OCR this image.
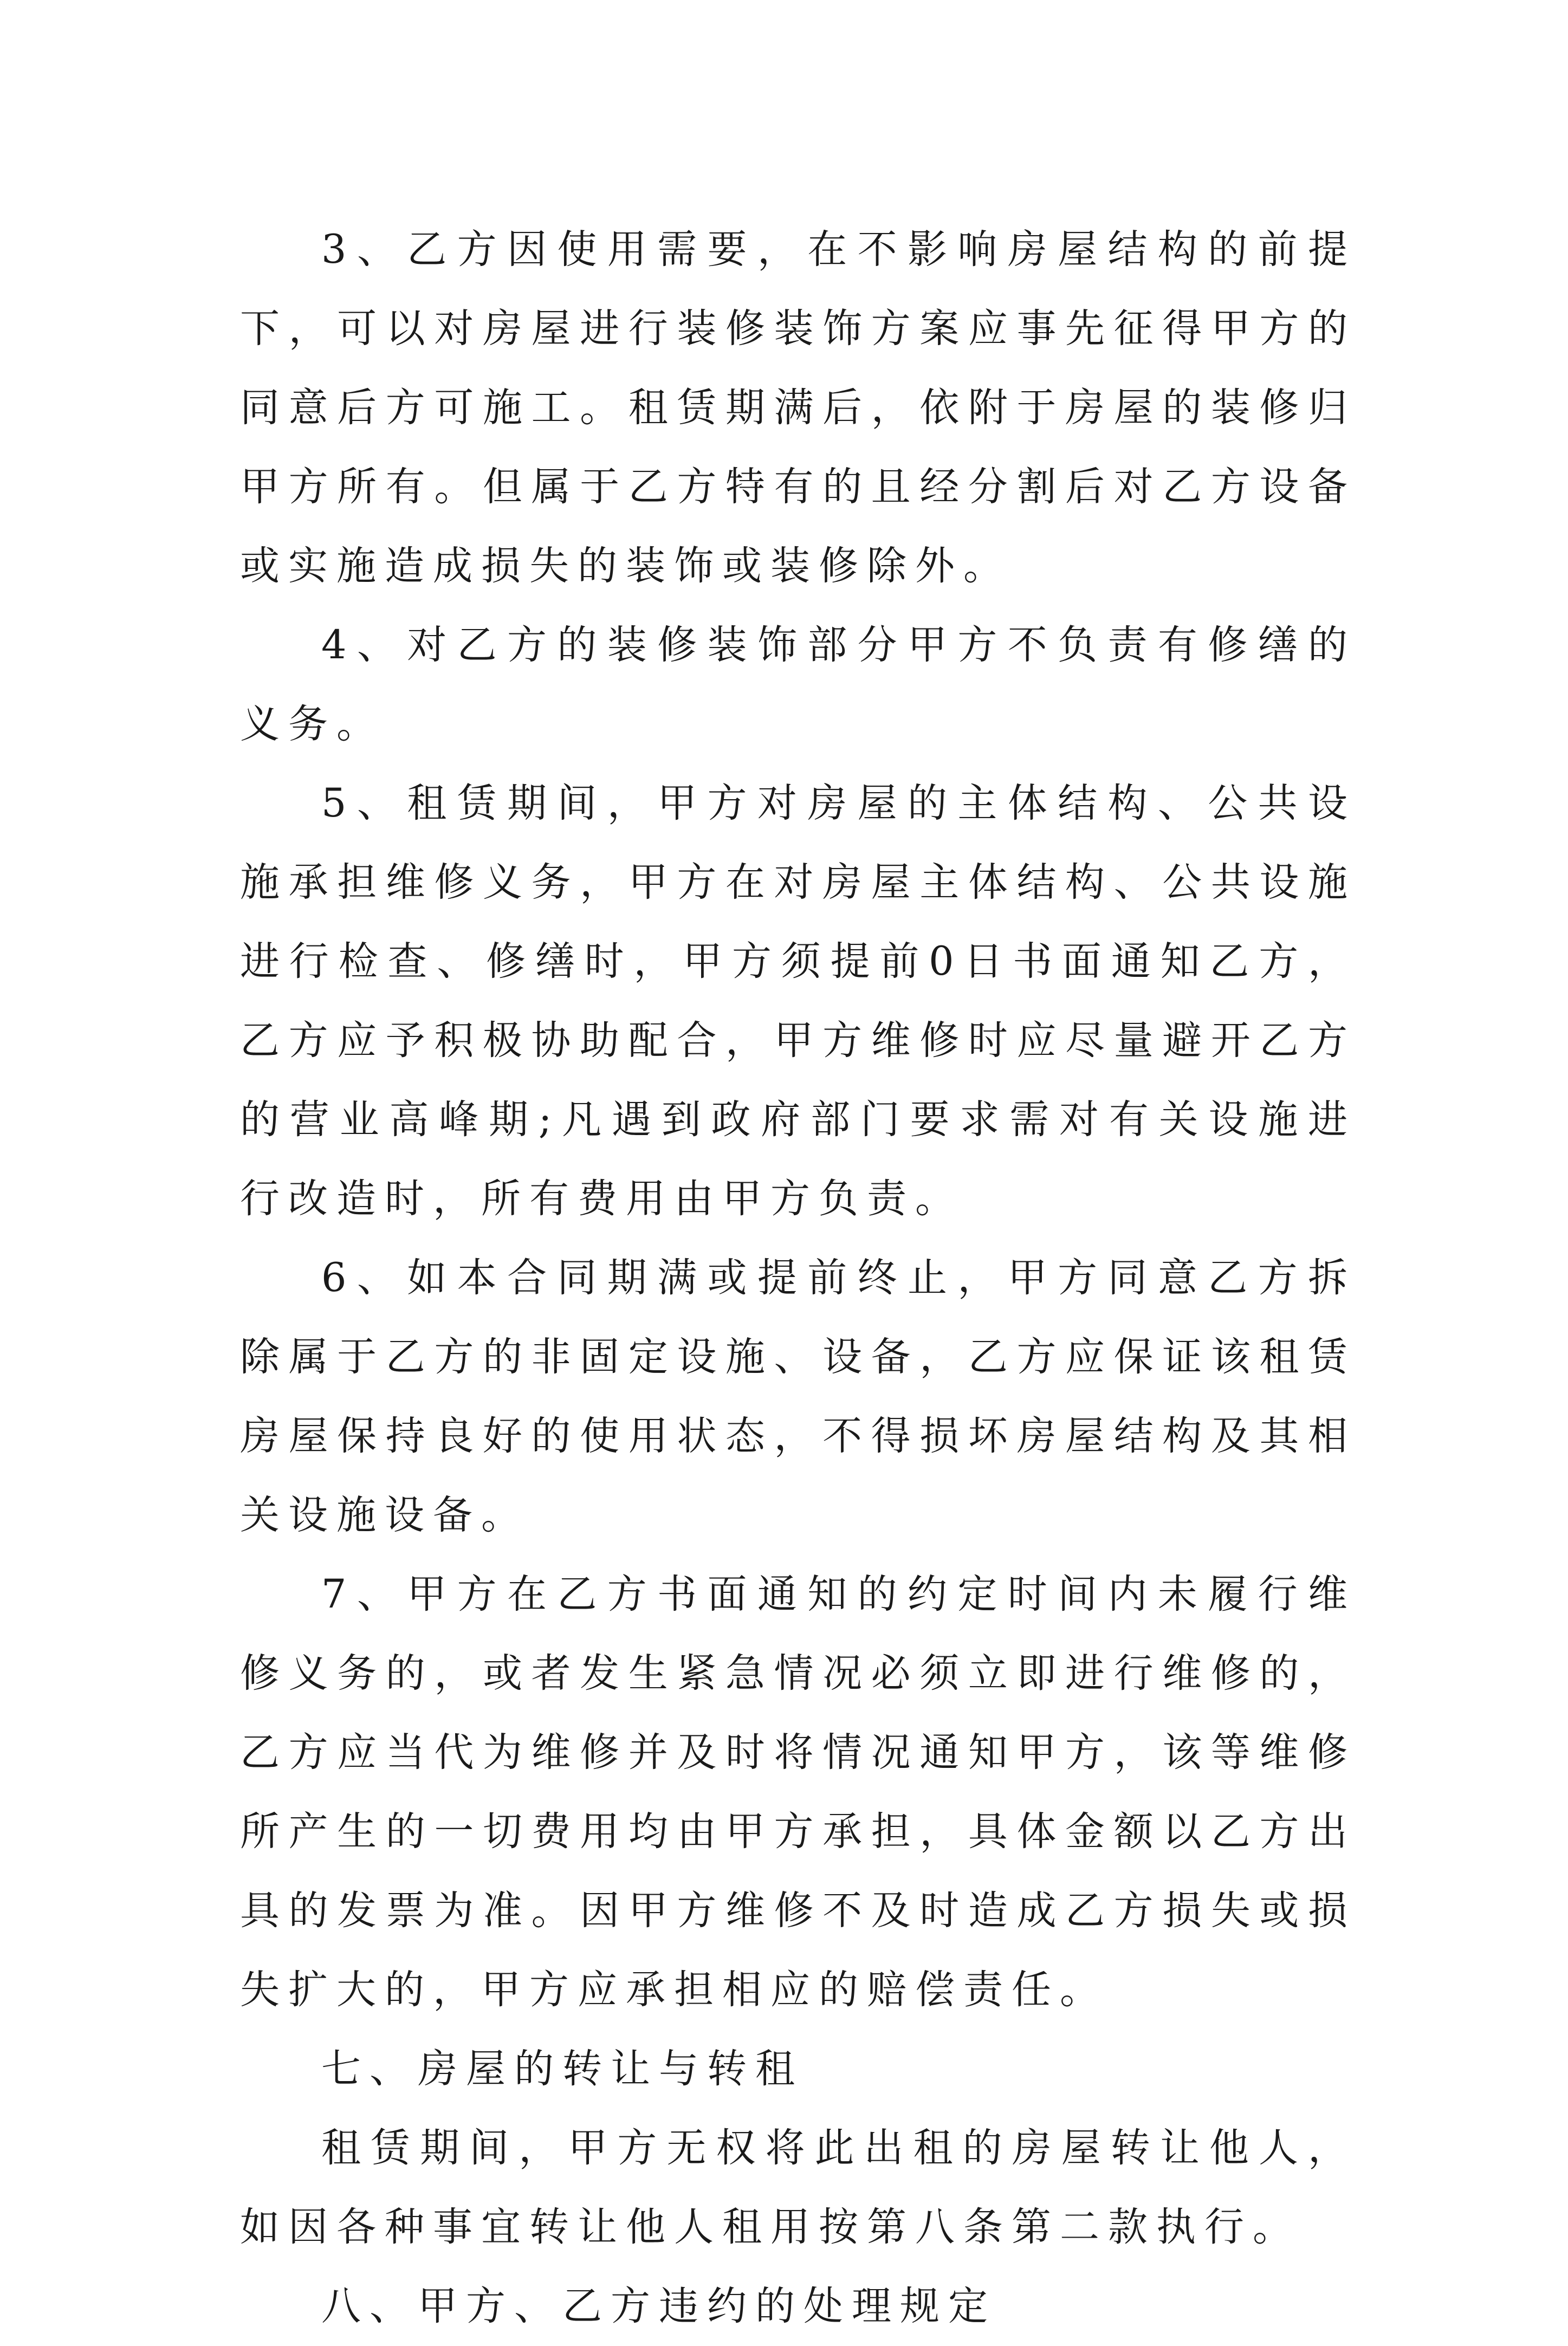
3、乙方因使用需要，在不影响房屋结构的前提下，可以对房屋进行装修装饰方案应事先征得甲方的同意后方可施工。租赁期满后，依附于房屋的装修归甲方所有。但属于乙方特有的且经分割后对乙方设备或实施造成损失的装饰或装修除外。

4、对乙方的装修装饰部分甲方不负责有修缮的义务。

5、租赁期间，甲方对房屋的主体结构、公共设施承担维修义务，甲方在对房屋主体结构、公共设施进行检查、修缮时，甲方须提前0日书面通知乙方，乙方应予积极协助配合，甲方维修时应尽量避开乙方的营业高峰期;凡遇到政府部门要求需对有关设施进行改造时，所有费用由甲方负责。

6、如本合同期满或提前终止，甲方同意乙方拆除属于乙方的非固定设施、设备，乙方应保证该租赁房屋保持良好的使用状态，不得损坏房屋结构及其相关设施设备。

7、甲方在乙方书面通知的约定时间内未履行维修义务的，或者发生紧急情况必须立即进行维修的，乙方应当代为维修并及时将情况通知甲方，该等维修所产生的一切费用均由甲方承担，具体金额以乙方出具的发票为准。因甲方维修不及时造成乙方损失或损失扩大的，甲方应承担相应的赔偿责任。

七、房屋的转让与转租

租赁期间，甲方无权将此出租的房屋转让他人，如因各种事宜转让他人租用按第八条第二款执行。

八、甲方、乙方违约的处理规定
